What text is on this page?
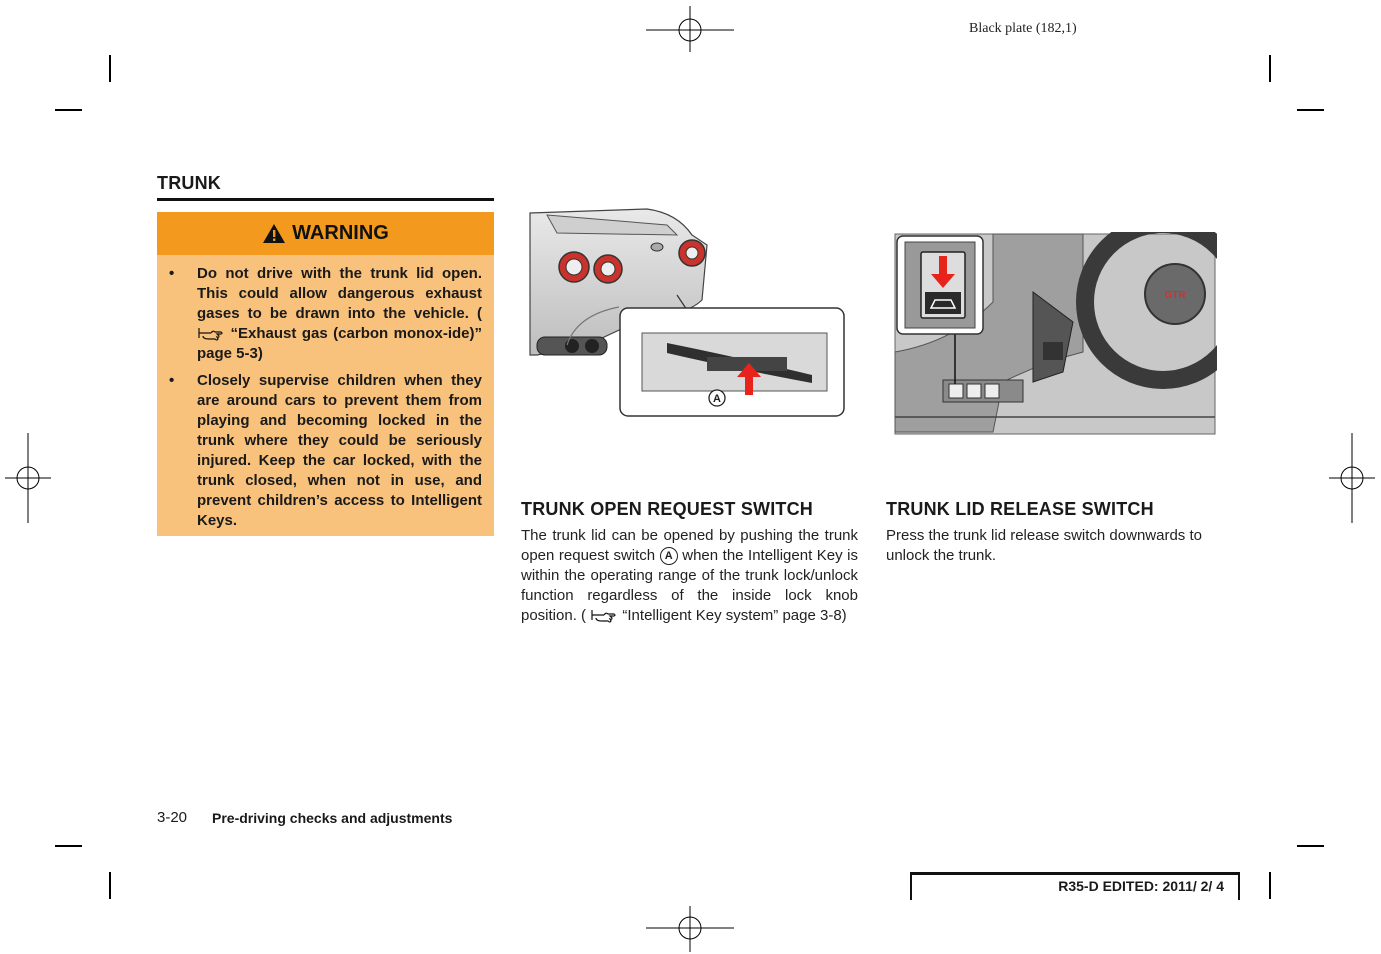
Black plate (182,1)
TRUNK
WARNING
• Do not drive with the trunk lid open. This could allow dangerous exhaust gases to be drawn into the vehicle. (  “Exhaust gas (carbon monox-ide)” page 5-3)
• Closely supervise children when they are around cars to prevent them from playing and becoming locked in the trunk where they could be seriously injured. Keep the car locked, with the trunk closed, when not in use, and prevent children’s access to Intelligent Keys.
A
GTR
TRUNK OPEN REQUEST SWITCH
The trunk lid can be opened by pushing the trunk open request switch A when the Intelligent Key is within the operating range of the trunk lock/unlock function regardless of the inside lock knob position. ( “Intelligent Key system” page 3-8)
TRUNK LID RELEASE SWITCH
Press the trunk lid release switch downwards to unlock the trunk.
3-20 Pre-driving checks and adjustments
R35-D EDITED: 2011/ 2/ 4
